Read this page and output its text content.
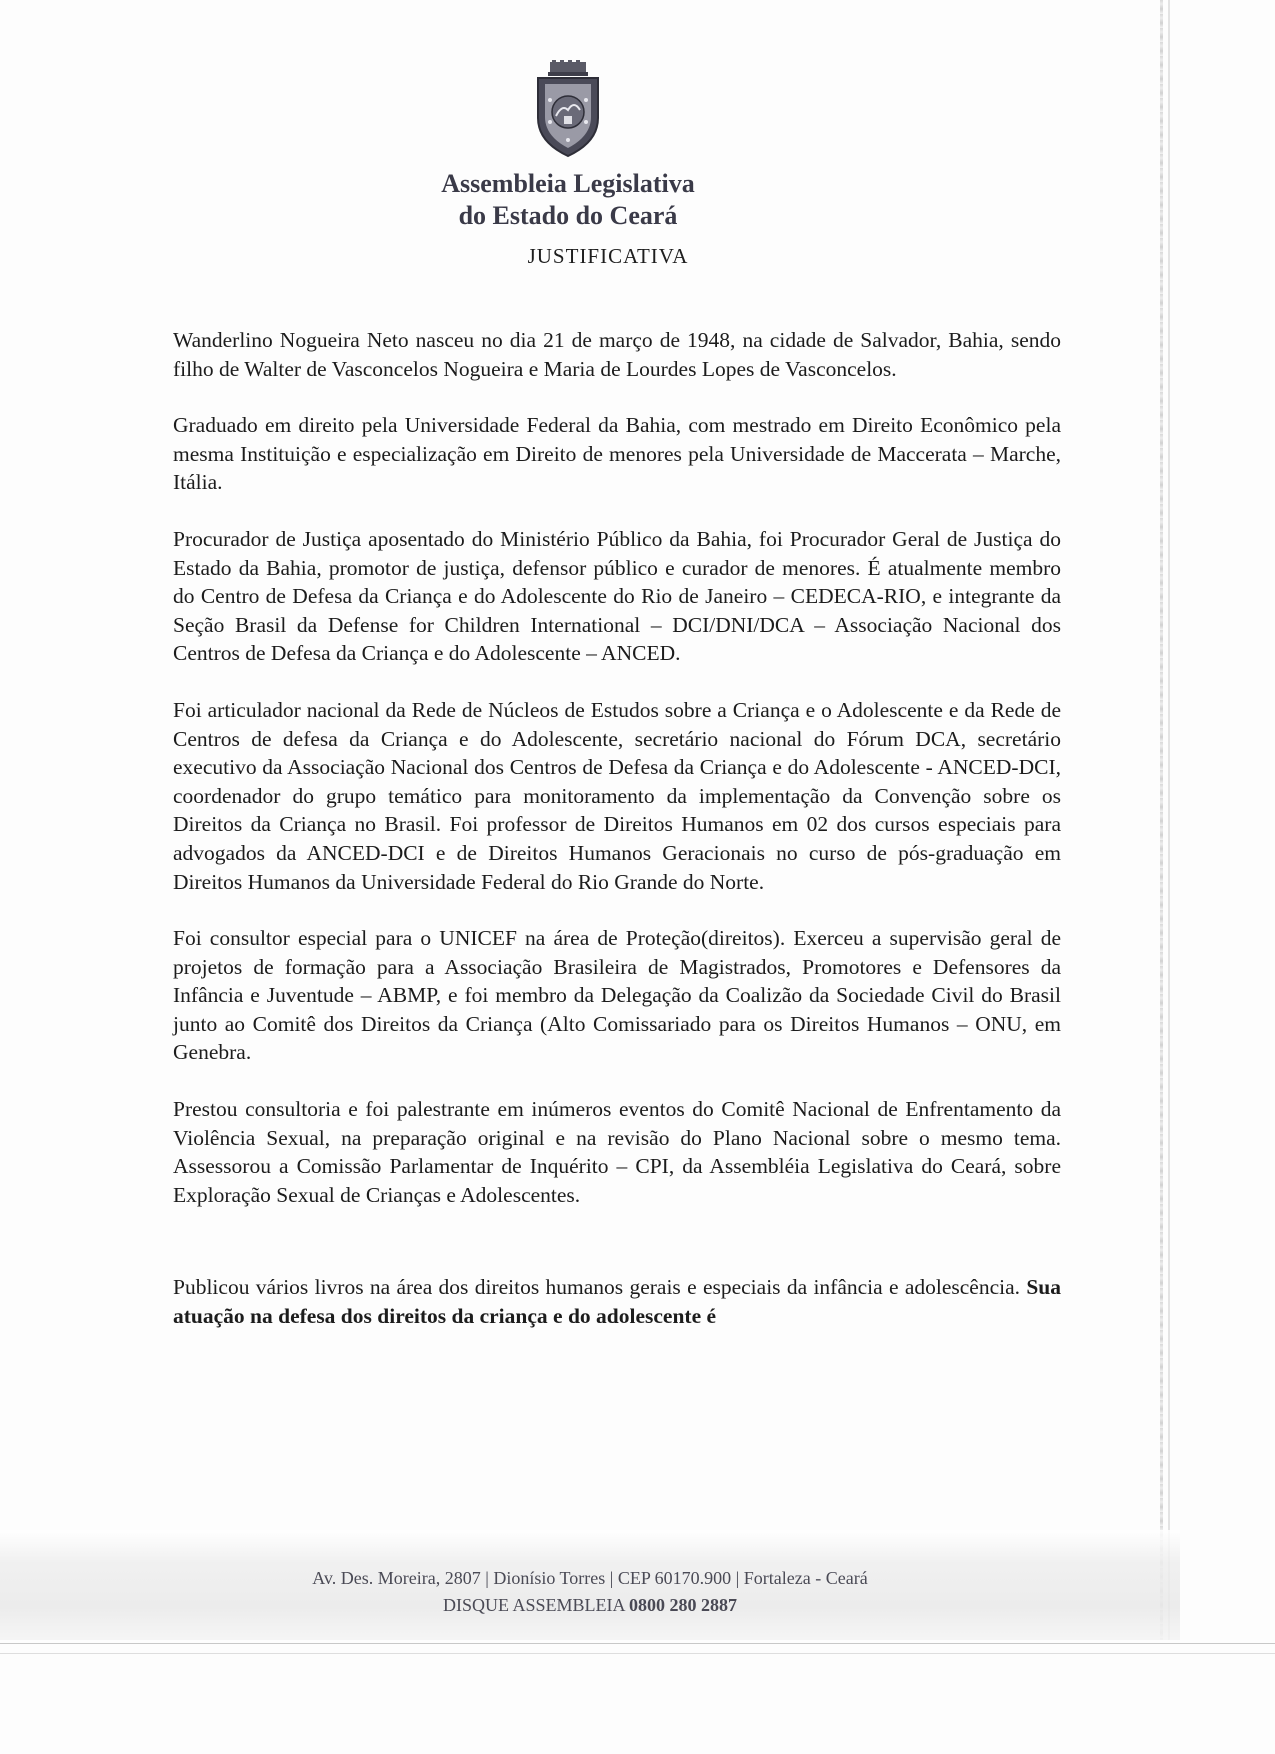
Assembleia Legislativa
do Estado do Ceará
JUSTIFICATIVA

Wanderlino Nogueira Neto nasceu no dia 21 de março de 1948, na cidade de Salvador, Bahia, sendo filho de Walter de Vasconcelos Nogueira e Maria de Lourdes Lopes de Vasconcelos.

Graduado em direito pela Universidade Federal da Bahia, com mestrado em Direito Econômico pela mesma Instituição e especialização em Direito de menores pela Universidade de Maccerata – Marche, Itália.

Procurador de Justiça aposentado do Ministério Público da Bahia, foi Procurador Geral de Justiça do Estado da Bahia, promotor de justiça, defensor público e curador de menores. É atualmente membro do Centro de Defesa da Criança e do Adolescente do Rio de Janeiro – CEDECA-RIO, e integrante da Seção Brasil da Defense for Children International – DCI/DNI/DCA – Associação Nacional dos Centros de Defesa da Criança e do Adolescente – ANCED.

Foi articulador nacional da Rede de Núcleos de Estudos sobre a Criança e o Adolescente e da Rede de Centros de defesa da Criança e do Adolescente, secretário nacional do Fórum DCA, secretário executivo da Associação Nacional dos Centros de Defesa da Criança e do Adolescente - ANCED-DCI, coordenador do grupo temático para monitoramento da implementação da Convenção sobre os Direitos da Criança no Brasil. Foi professor de Direitos Humanos em 02 dos cursos especiais para advogados da ANCED-DCI e de Direitos Humanos Geracionais no curso de pós-graduação em Direitos Humanos da Universidade Federal do Rio Grande do Norte.

Foi consultor especial para o UNICEF na área de Proteção(direitos). Exerceu a supervisão geral de projetos de formação para a Associação Brasileira de Magistrados, Promotores e Defensores da Infância e Juventude – ABMP, e foi membro da Delegação da Coalizão da Sociedade Civil do Brasil junto ao Comitê dos Direitos da Criança (Alto Comissariado para os Direitos Humanos – ONU, em Genebra.

Prestou consultoria e foi palestrante em inúmeros eventos do Comitê Nacional de Enfrentamento da Violência Sexual, na preparação original e na revisão do Plano Nacional sobre o mesmo tema. Assessorou a Comissão Parlamentar de Inquérito – CPI, da Assembléia Legislativa do Ceará, sobre Exploração Sexual de Crianças e Adolescentes.

Publicou vários livros na área dos direitos humanos gerais e especiais da infância e adolescência. Sua atuação na defesa dos direitos da criança e do adolescente é

Av. Des. Moreira, 2807 | Dionísio Torres | CEP 60170.900 | Fortaleza - Ceará
DISQUE ASSEMBLEIA 0800 280 2887
